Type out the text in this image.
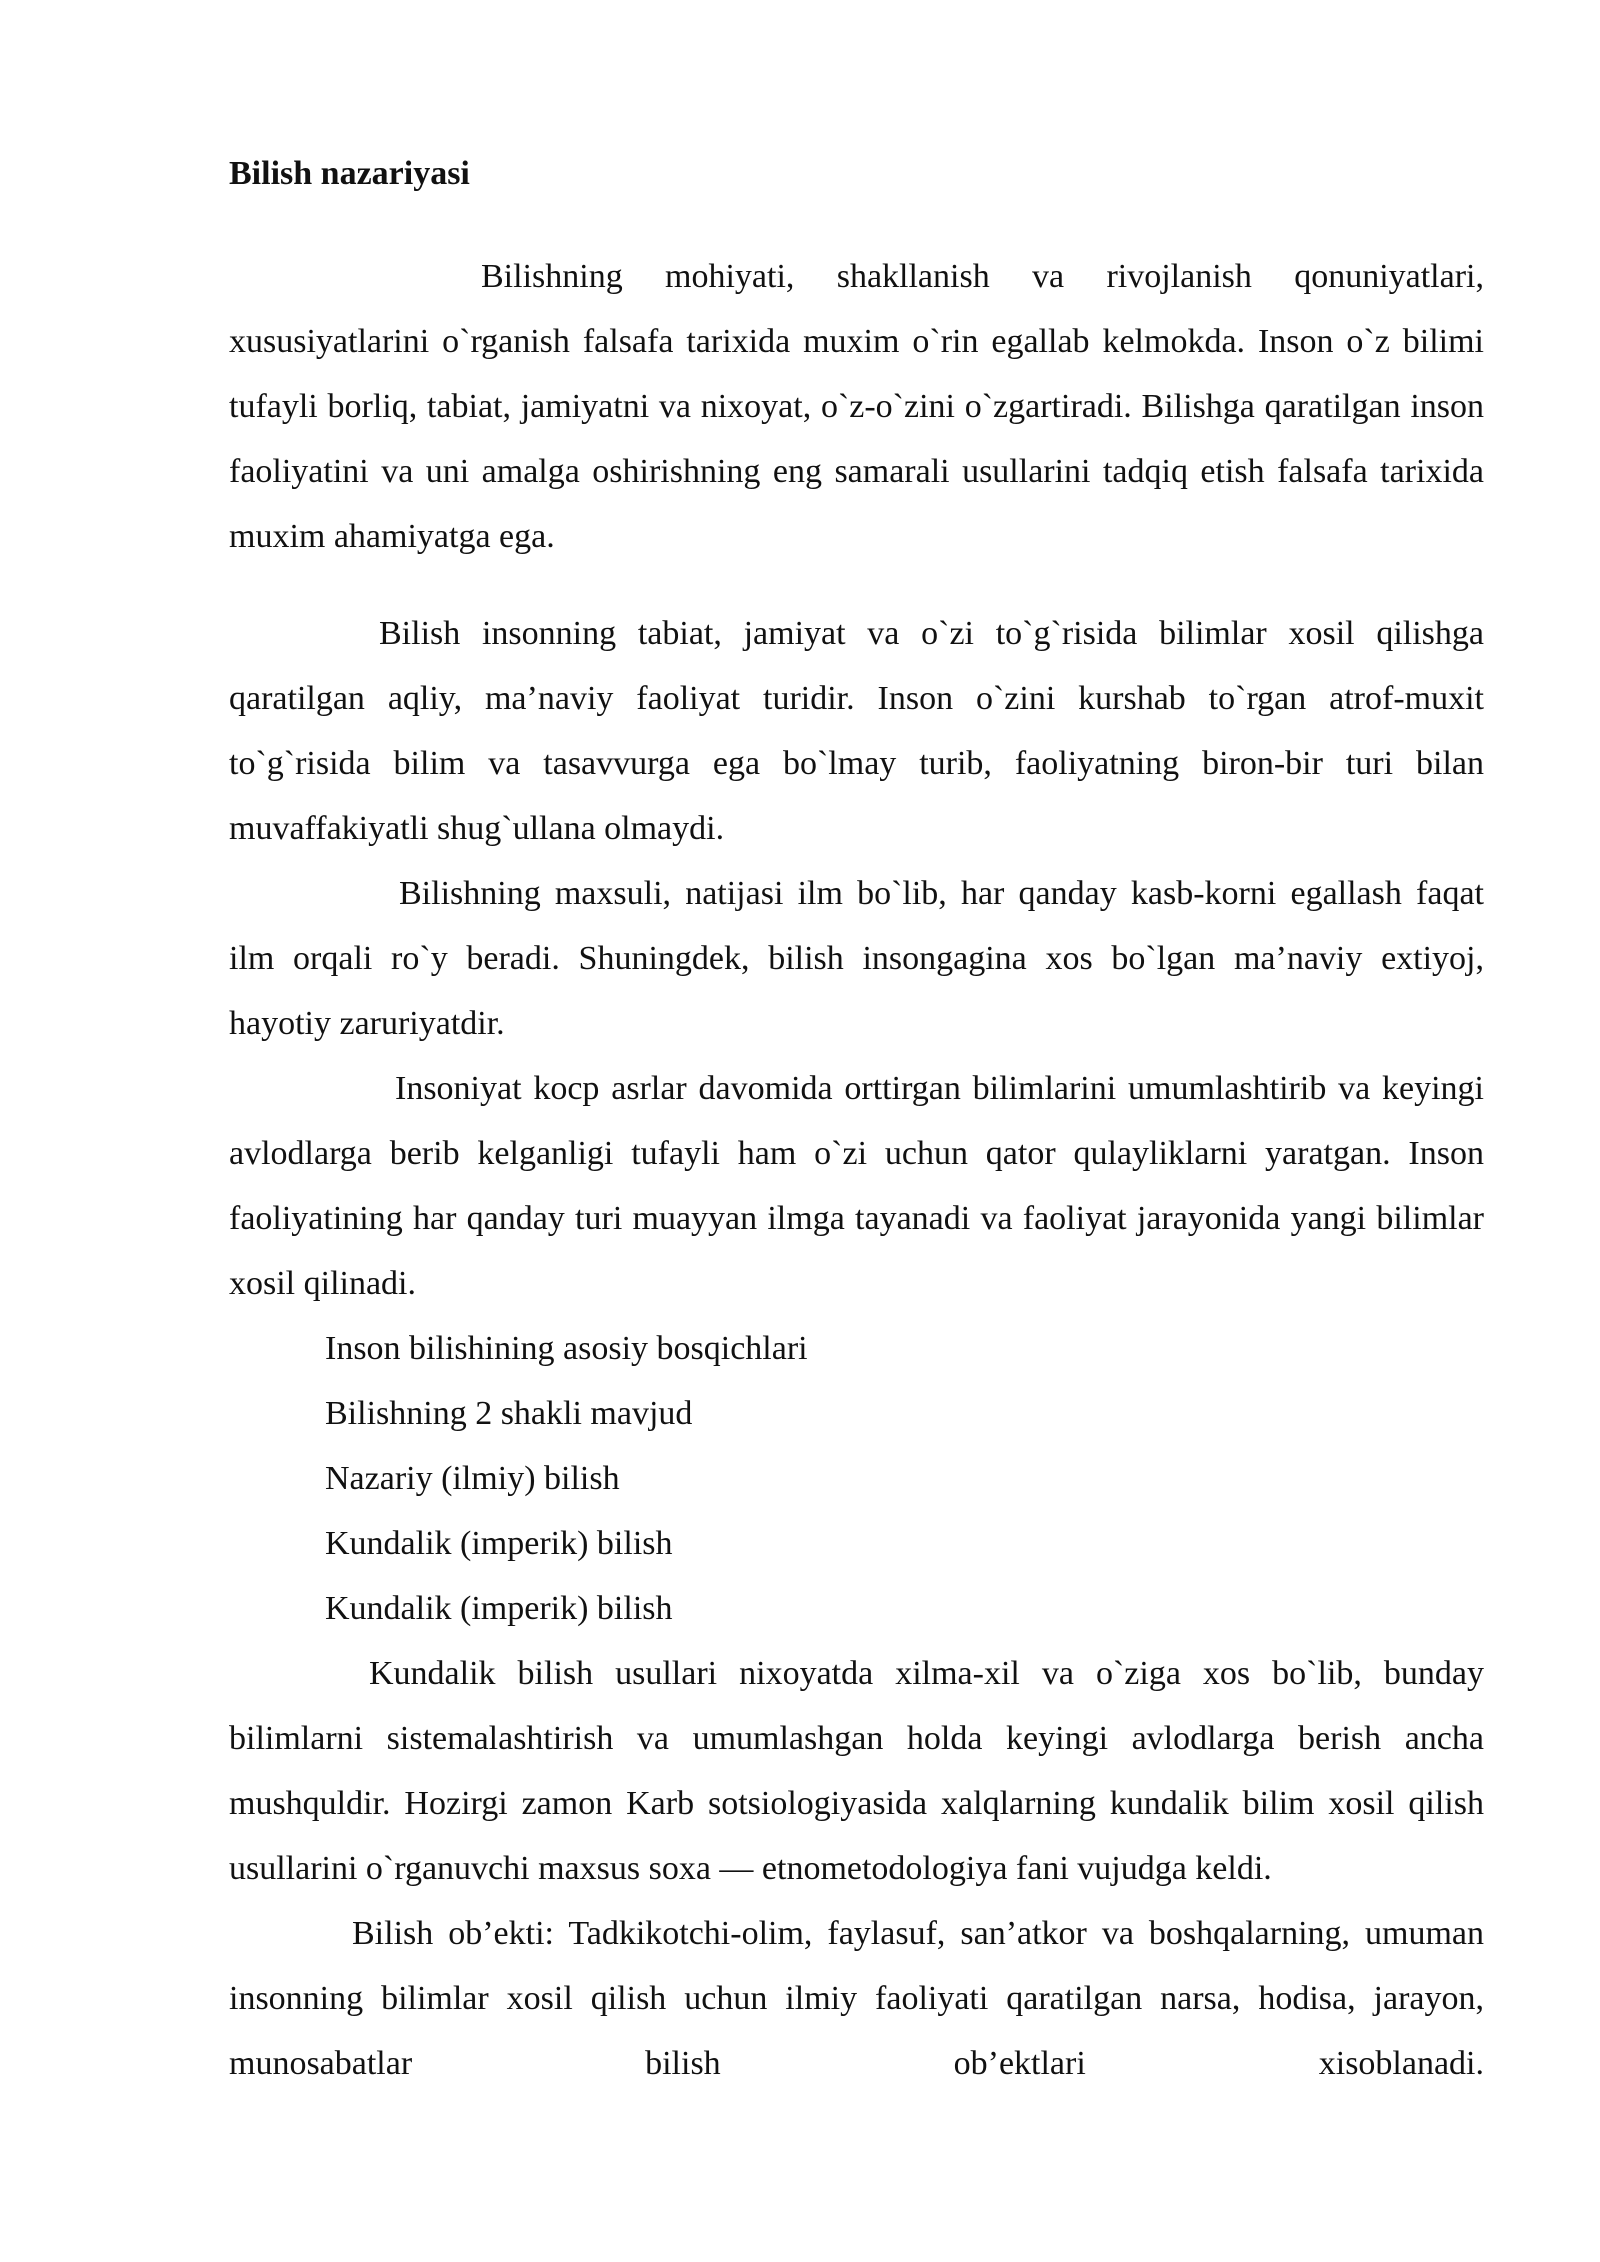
Bilish nazariyasi

Bilishning mohiyati, shakllanish va rivojlanish qonuniyatlari, xususiyatlarini o`rganish falsafa tarixida muxim o`rin egallab kelmokda. Inson o`z bilimi tufayli borliq, tabiat, jamiyatni va nixoyat, o`z-o`zini o`zgartiradi. Bilishga qaratilgan inson faoliyatini va uni amalga oshirishning eng samarali usullarini tadqiq etish falsafa tarixida muxim ahamiyatga ega.

Bilish insonning tabiat, jamiyat va o`zi to`g`risida bilimlar xosil qilishga qaratilgan aqliy, ma’naviy faoliyat turidir. Inson o`zini kurshab to`rgan atrof-muxit to`g`risida bilim va tasavvurga ega bo`lmay turib, faoliyatning biron-bir turi bilan muvaffakiyatli shug`ullana olmaydi.

Bilishning maxsuli, natijasi ilm bo`lib, har qanday kasb-korni egallash faqat ilm orqali ro`y beradi. Shuningdek, bilish insongagina xos bo`lgan ma’naviy extiyoj, hayotiy zaruriyatdir.

Insoniyat kocp asrlar davomida orttirgan bilimlarini umumlashtirib va keyingi avlodlarga berib kelganligi tufayli ham o`zi uchun qator qulayliklarni yaratgan. Inson faoliyatining har qanday turi muayyan ilmga tayanadi va faoliyat jarayonida yangi bilimlar xosil qilinadi.

Inson bilishining asosiy bosqichlari
Bilishning 2 shakli mavjud
Nazariy (ilmiy) bilish
Kundalik (imperik) bilish
Kundalik (imperik) bilish

Kundalik bilish usullari nixoyatda xilma-xil va o`ziga xos bo`lib, bunday bilimlarni sistemalashtirish va umumlashgan holda keyingi avlodlarga berish ancha mushquldir. Hozirgi zamon Karb sotsiologiyasida xalqlarning kundalik bilim xosil qilish usullarini o`rganuvchi maxsus soxa — etnometodologiya fani vujudga keldi.

Bilish ob’ekti: Tadkikotchi-olim, faylasuf, san’atkor va boshqalarning, umuman insonning bilimlar xosil qilish uchun ilmiy faoliyati qaratilgan narsa, hodisa, jarayon, munosabatlar bilish ob’ektlari xisoblanadi.
